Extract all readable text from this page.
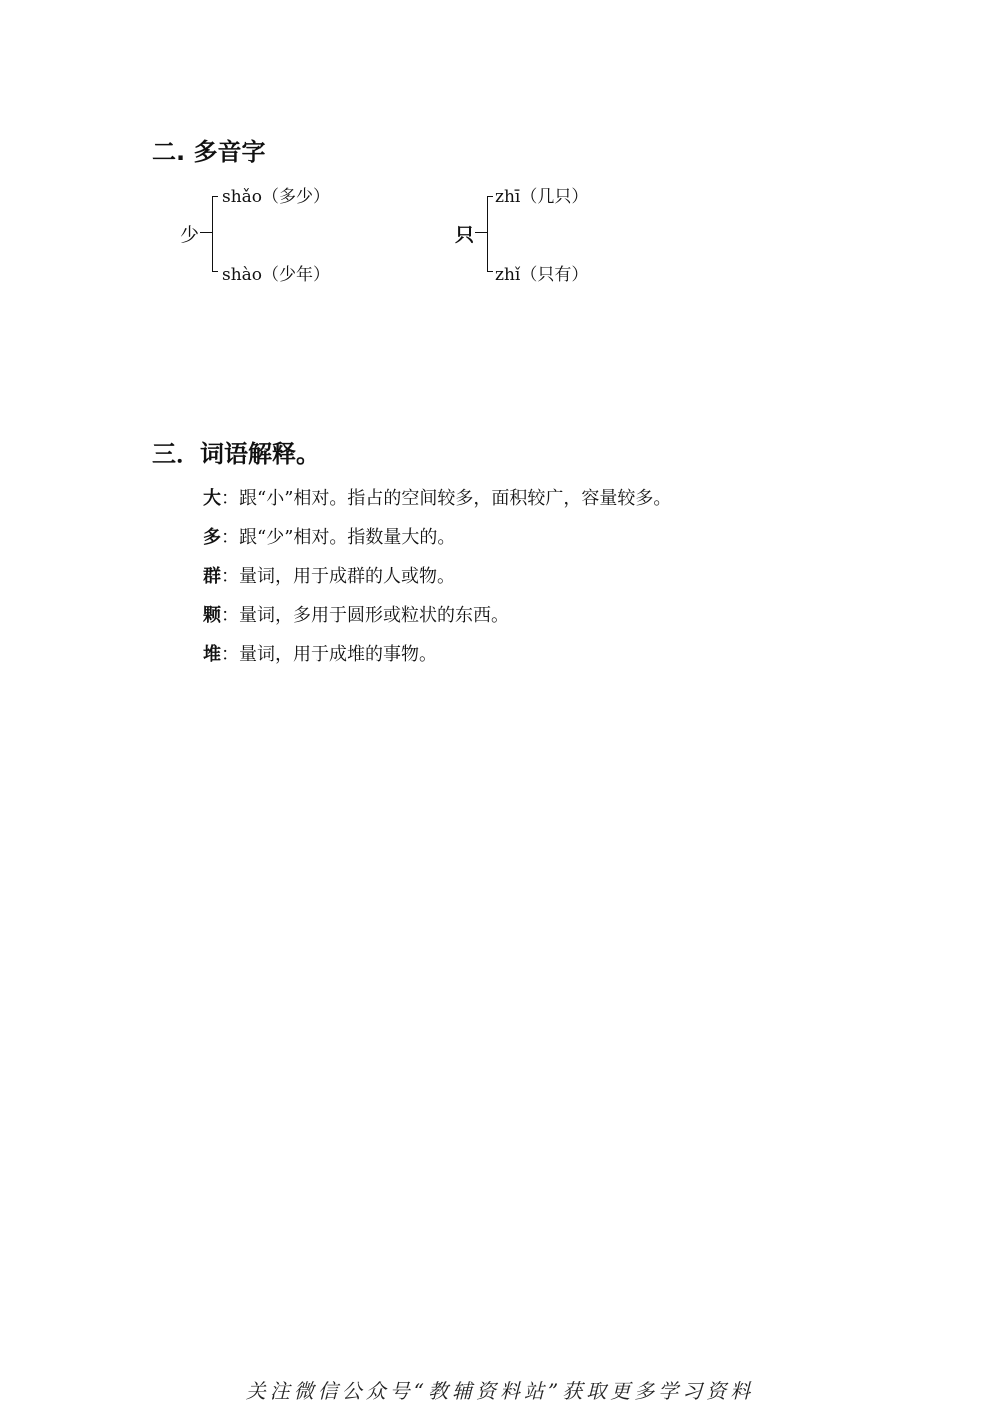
二. 多音字
少
shǎo（多少）
shào（少年）
只
zhī（几只）
zhǐ（只有）
三．词语解释。
大：跟“小”相对。指占的空间较多，面积较广，容量较多。
多：跟“少”相对。指数量大的。
群：量词，用于成群的人或物。
颗：量词，多用于圆形或粒状的东西。
堆：量词，用于成堆的事物。
关注微信公众号“教辅资料站”获取更多学习资料
